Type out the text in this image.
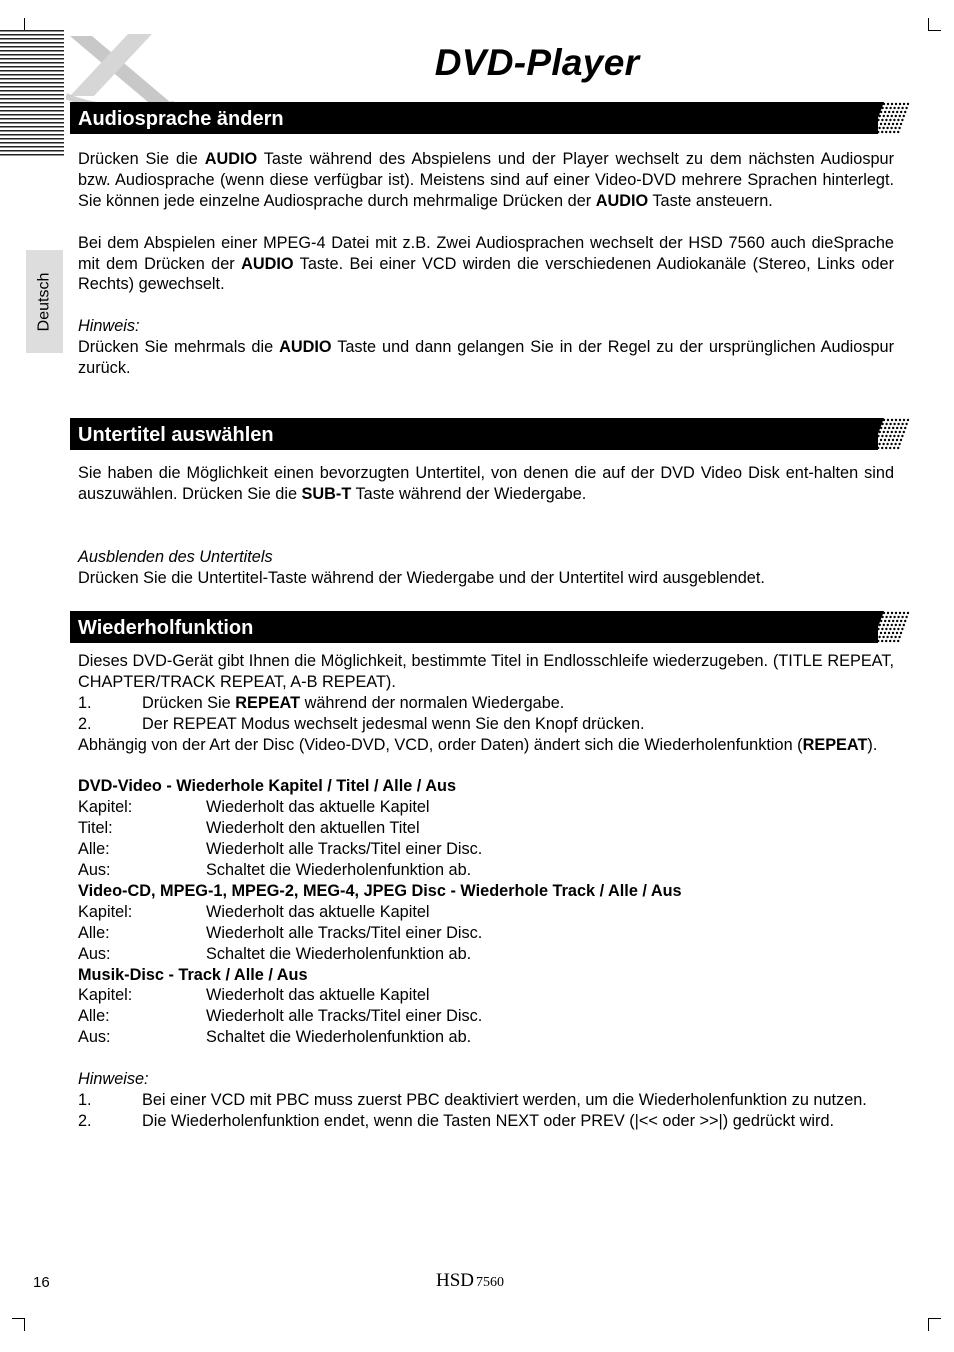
DVD-Player
Deutsch
Audiosprache ändern

Drücken Sie die AUDIO Taste während des Abspielens und der Player wechselt zu dem nächsten Audiospur bzw. Audiosprache (wenn diese verfügbar ist). Meistens sind auf einer Video-DVD mehrere Sprachen hinterlegt. Sie können jede einzelne Audiosprache durch mehrmalige Drücken der AUDIO Taste ansteuern.

Bei dem Abspielen einer MPEG-4 Datei mit z.B. Zwei Audiosprachen wechselt der HSD 7560 auch dieSprache mit dem Drücken der AUDIO Taste. Bei einer VCD wirden die verschiedenen Audiokanäle (Stereo, Links oder Rechts) gewechselt.

Hinweis:

Drücken Sie mehrmals die AUDIO Taste und dann gelangen Sie in der Regel zu der ursprünglichen Audiospur zurück.

Untertitel auswählen

Sie haben die Möglichkeit einen bevorzugten Untertitel, von denen die auf der DVD Video Disk ent-halten sind auszuwählen. Drücken Sie die SUB-T Taste während der Wiedergabe.

Ausblenden des Untertitels

Drücken Sie die Untertitel-Taste während der Wiedergabe und der Untertitel wird ausgeblendet.

Wiederholfunktion

Dieses DVD-Gerät gibt Ihnen die Möglichkeit, bestimmte Titel in Endlosschleife wiederzugeben. (TITLE REPEAT, CHAPTER/TRACK REPEAT, A-B REPEAT).

1.	Drücken Sie REPEAT während der normalen Wiedergabe.
2.	Der REPEAT Modus wechselt jedesmal wenn Sie den Knopf drücken.

Abhängig von der Art der Disc (Video-DVD, VCD, order Daten) ändert sich die Wiederholenfunktion (REPEAT).

DVD-Video - Wiederhole Kapitel / Titel / Alle / Aus

Kapitel:	Wiederholt das aktuelle Kapitel
Titel:	Wiederholt den aktuellen Titel
Alle:	Wiederholt alle Tracks/Titel einer Disc.
Aus:	Schaltet die Wiederholenfunktion ab.

Video-CD, MPEG-1, MPEG-2, MEG-4, JPEG Disc - Wiederhole Track / Alle / Aus

Kapitel:	Wiederholt das aktuelle Kapitel
Alle:	Wiederholt alle Tracks/Titel einer Disc.
Aus:	Schaltet die Wiederholenfunktion ab.

Musik-Disc - Track / Alle / Aus

Kapitel:	Wiederholt das aktuelle Kapitel
Alle:	Wiederholt alle Tracks/Titel einer Disc.
Aus:	Schaltet die Wiederholenfunktion ab.

Hinweise:

1.	Bei einer VCD mit PBC muss zuerst PBC deaktiviert werden, um die Wiederholenfunktion zu nutzen.
2.	Die Wiederholenfunktion endet, wenn die Tasten NEXT oder PREV (|<< oder >>|) gedrückt wird.
16	HSD 7560
